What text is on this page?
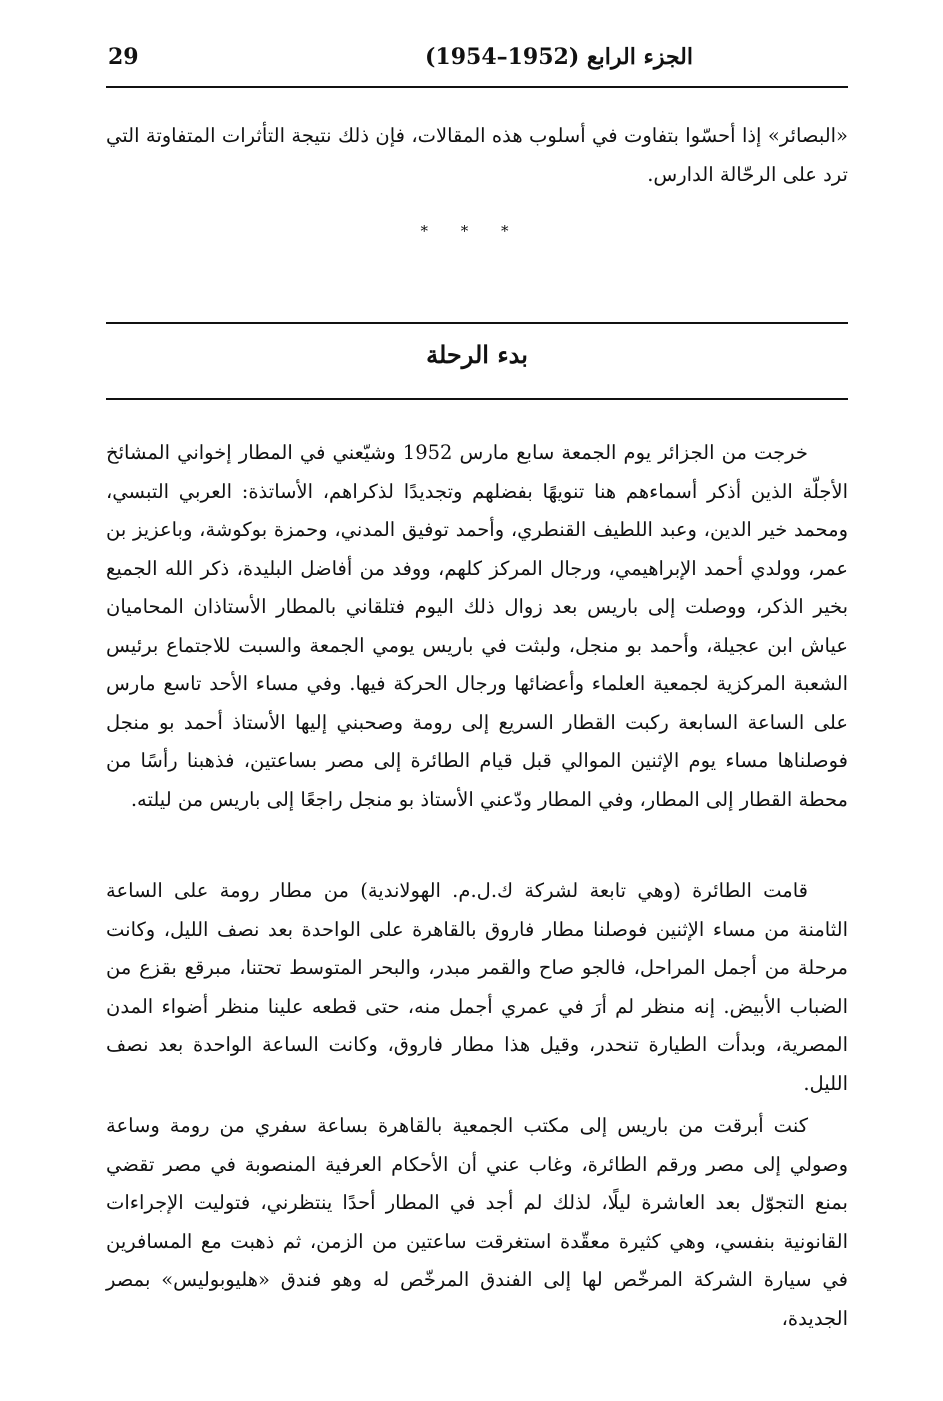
29	الجزء الرابع (1952–1954)

«البصائر» إذا أحسّوا بتفاوت في أسلوب هذه المقالات، فإن ذلك نتيجة التأثرات المتفاوتة التي ترد على الرحّالة الدارس.

* * *
بدء الرحلة

خرجت من الجزائر يوم الجمعة سابع مارس 1952 وشيّعني في المطار إخواني المشائخ الأجلّة الذين أذكر أسماءهم هنا تنويهًا بفضلهم وتجديدًا لذكراهم، الأساتذة: العربي التبسي، ومحمد خير الدين، وعبد اللطيف القنطري، وأحمد توفيق المدني، وحمزة بوكوشة، وباعزيز بن عمر، وولدي أحمد الإبراهيمي، ورجال المركز كلهم، ووفد من أفاضل البليدة، ذكر الله الجميع بخير الذكر، ووصلت إلى باريس بعد زوال ذلك اليوم فتلقاني بالمطار الأستاذان المحاميان عياش ابن عجيلة، وأحمد بو منجل، ولبثت في باريس يومي الجمعة والسبت للاجتماع برئيس الشعبة المركزية لجمعية العلماء وأعضائها ورجال الحركة فيها. وفي مساء الأحد تاسع مارس على الساعة السابعة ركبت القطار السريع إلى رومة وصحبني إليها الأستاذ أحمد بو منجل فوصلناها مساء يوم الإثنين الموالي قبل قيام الطائرة إلى مصر بساعتين، فذهبنا رأسًا من محطة القطار إلى المطار، وفي المطار ودّعني الأستاذ بو منجل راجعًا إلى باريس من ليلته.

قامت الطائرة (وهي تابعة لشركة ك.ل.م. الهولاندية) من مطار رومة على الساعة الثامنة من مساء الإثنين فوصلنا مطار فاروق بالقاهرة على الواحدة بعد نصف الليل، وكانت مرحلة من أجمل المراحل، فالجو صاح والقمر مبدر، والبحر المتوسط تحتنا، مبرقع بقزع من الضباب الأبيض. إنه منظر لم أرَ في عمري أجمل منه، حتى قطعه علينا منظر أضواء المدن المصرية، وبدأت الطيارة تنحدر، وقيل هذا مطار فاروق، وكانت الساعة الواحدة بعد نصف الليل.

كنت أبرقت من باريس إلى مكتب الجمعية بالقاهرة بساعة سفري من رومة وساعة وصولي إلى مصر ورقم الطائرة، وغاب عني أن الأحكام العرفية المنصوبة في مصر تقضي بمنع التجوّل بعد العاشرة ليلًا، لذلك لم أجد في المطار أحدًا ينتظرني، فتوليت الإجراءات القانونية بنفسي، وهي كثيرة معقّدة استغرقت ساعتين من الزمن، ثم ذهبت مع المسافرين في سيارة الشركة المرخّص لها إلى الفندق المرخّص له وهو فندق «هليوبوليس» بمصر الجديدة،
